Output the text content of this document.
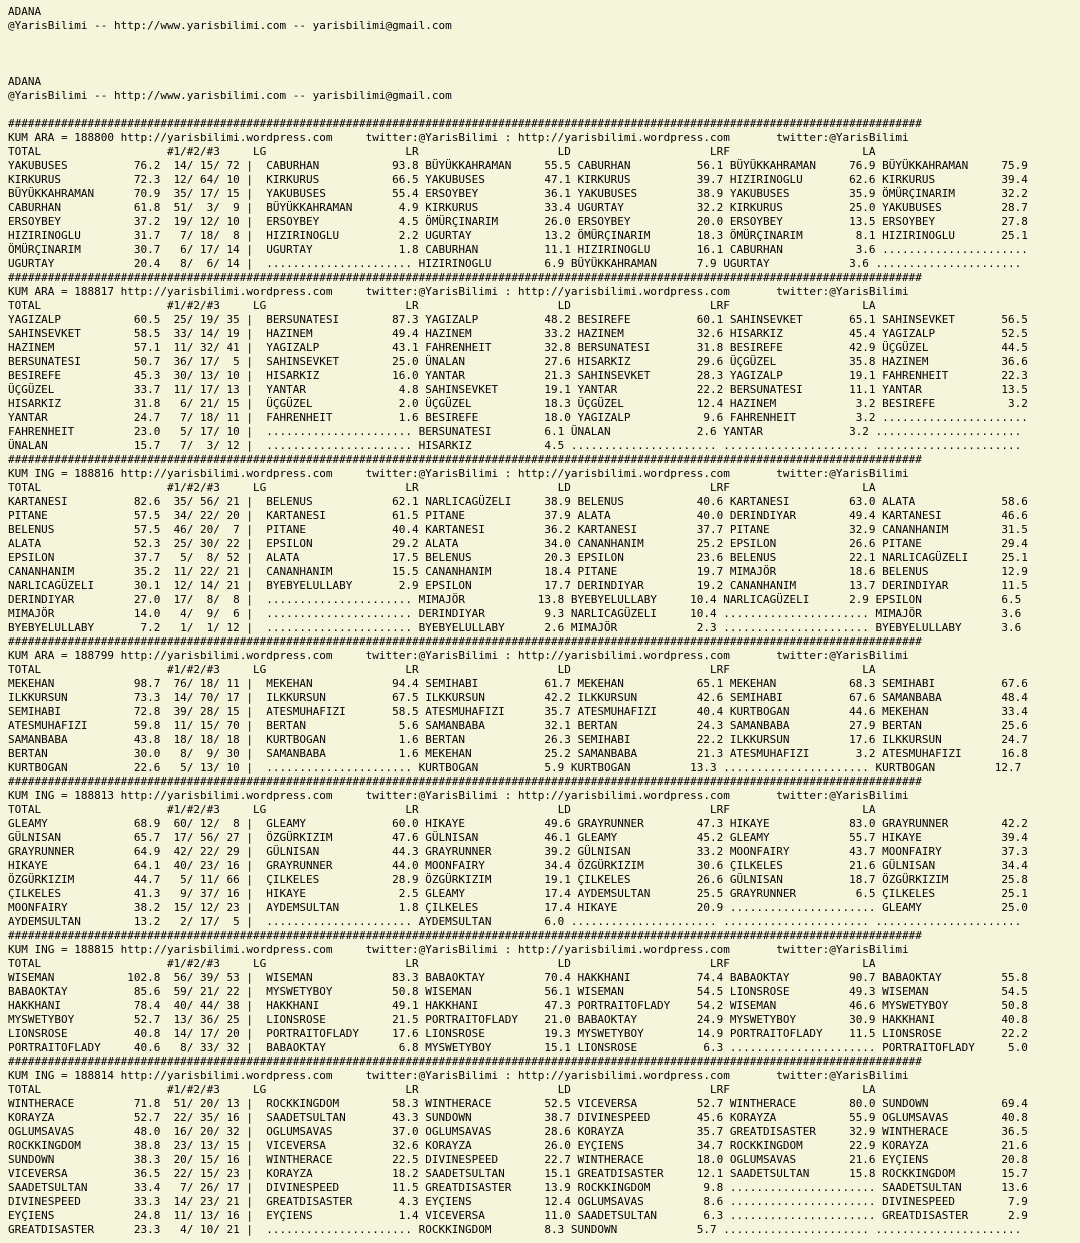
ADANA
@YarisBilimi -- http://www.yarisbilimi.com -- yarisbilimi@gmail.com
ADANA
@YarisBilimi -- http://www.yarisbilimi.com -- yarisbilimi@gmail.com
##########################################################################################################################################
KUM ARA = 188800 http://yarisbilimi.wordpress.com     twitter:@YarisBilimi : http://yarisbilimi.wordpress.com       twitter:@YarisBilimi
TOTAL                   #1/#2/#3     LG                     LR                     LD                     LRF                    LA
YAKUBUSES          76.2  14/ 15/ 72 |  CABURHAN           93.8 BÜYÜKKAHRAMAN     55.5 CABURHAN          56.1 BÜYÜKKAHRAMAN     76.9 BÜYÜKKAHRAMAN     75.9
KIRKURUS           72.3  12/ 64/ 10 |  KIRKURUS           66.5 YAKUBUSES         47.1 KIRKURUS          39.7 HIZIRINOGLU       62.6 KIRKURUS          39.4
BÜYÜKKAHRAMAN      70.9  35/ 17/ 15 |  YAKUBUSES          55.4 ERSOYBEY          36.1 YAKUBUSES         38.9 YAKUBUSES         35.9 ÖMÜRÇINARIM       32.2
CABURHAN           61.8  51/  3/  9 |  BÜYÜKKAHRAMAN       4.9 KIRKURUS          33.4 UGURTAY           32.2 KIRKURUS          25.0 YAKUBUSES         28.7
ERSOYBEY           37.2  19/ 12/ 10 |  ERSOYBEY            4.5 ÖMÜRÇINARIM       26.0 ERSOYBEY          20.0 ERSOYBEY          13.5 ERSOYBEY          27.8
HIZIRINOGLU        31.7   7/ 18/  8 |  HIZIRINOGLU         2.2 UGURTAY           13.2 ÖMÜRÇINARIM       18.3 ÖMÜRÇINARIM        8.1 HIZIRINOGLU       25.1
ÖMÜRÇINARIM        30.7   6/ 17/ 14 |  UGURTAY             1.8 CABURHAN          11.1 HIZIRINOGLU       16.1 CABURHAN           3.6 ......................
UGURTAY            20.4   8/  6/ 14 |  ...................... HIZIRINOGLU        6.9 BÜYÜKKAHRAMAN      7.9 UGURTAY            3.6 ......................
##########################################################################################################################################
KUM ARA = 188817 http://yarisbilimi.wordpress.com     twitter:@YarisBilimi : http://yarisbilimi.wordpress.com       twitter:@YarisBilimi
TOTAL                   #1/#2/#3     LG                     LR                     LD                     LRF                    LA
YAGIZALP           60.5  25/ 19/ 35 |  BERSUNATESI        87.3 YAGIZALP          48.2 BESIREFE          60.1 SAHINSEVKET       65.1 SAHINSEVKET       56.5
SAHINSEVKET        58.5  33/ 14/ 19 |  HAZINEM            49.4 HAZINEM           33.2 HAZINEM           32.6 HISARKIZ          45.4 YAGIZALP          52.5
HAZINEM            57.1  11/ 32/ 41 |  YAGIZALP           43.1 FAHRENHEIT        32.8 BERSUNATESI       31.8 BESIREFE          42.9 ÜÇGÜZEL           44.5
BERSUNATESI        50.7  36/ 17/  5 |  SAHINSEVKET        25.0 ÜNALAN            27.6 HISARKIZ          29.6 ÜÇGÜZEL           35.8 HAZINEM           36.6
BESIREFE           45.3  30/ 13/ 10 |  HISARKIZ           16.0 YANTAR            21.3 SAHINSEVKET       28.3 YAGIZALP          19.1 FAHRENHEIT        22.3
ÜÇGÜZEL            33.7  11/ 17/ 13 |  YANTAR              4.8 SAHINSEVKET       19.1 YANTAR            22.2 BERSUNATESI       11.1 YANTAR            13.5
HISARKIZ           31.8   6/ 21/ 15 |  ÜÇGÜZEL             2.0 ÜÇGÜZEL           18.3 ÜÇGÜZEL           12.4 HAZINEM            3.2 BESIREFE           3.2
YANTAR             24.7   7/ 18/ 11 |  FAHRENHEIT          1.6 BESIREFE          18.0 YAGIZALP           9.6 FAHRENHEIT         3.2 ......................
FAHRENHEIT         23.0   5/ 17/ 10 |  ...................... BERSUNATESI        6.1 ÜNALAN             2.6 YANTAR             3.2 ......................
ÜNALAN             15.7   7/  3/ 12 |  ...................... HISARKIZ           4.5 ...................... ...................... ......................
##########################################################################################################################################
KUM ING = 188816 http://yarisbilimi.wordpress.com     twitter:@YarisBilimi : http://yarisbilimi.wordpress.com       twitter:@YarisBilimi
TOTAL                   #1/#2/#3     LG                     LR                     LD                     LRF                    LA
KARTANESI          82.6  35/ 56/ 21 |  BELENUS            62.1 NARLICAGÜZELI     38.9 BELENUS           40.6 KARTANESI         63.0 ALATA             58.6
PITANE             57.5  34/ 22/ 20 |  KARTANESI          61.5 PITANE            37.9 ALATA             40.0 DERINDIYAR        49.4 KARTANESI         46.6
BELENUS            57.5  46/ 20/  7 |  PITANE             40.4 KARTANESI         36.2 KARTANESI         37.7 PITANE            32.9 CANANHANIM        31.5
ALATA              52.3  25/ 30/ 22 |  EPSILON            29.2 ALATA             34.0 CANANHANIM        25.2 EPSILON           26.6 PITANE            29.4
EPSILON            37.7   5/  8/ 52 |  ALATA              17.5 BELENUS           20.3 EPSILON           23.6 BELENUS           22.1 NARLICAGÜZELI     25.1
CANANHANIM         35.2  11/ 22/ 21 |  CANANHANIM         15.5 CANANHANIM        18.4 PITANE            19.7 MIMAJÖR           18.6 BELENUS           12.9
NARLICAGÜZELI      30.1  12/ 14/ 21 |  BYEBYELULLABY       2.9 EPSILON           17.7 DERINDIYAR        19.2 CANANHANIM        13.7 DERINDIYAR        11.5
DERINDIYAR         27.0  17/  8/  8 |  ...................... MIMAJÖR           13.8 BYEBYELULLABY     10.4 NARLICAGÜZELI      2.9 EPSILON            6.5
MIMAJÖR            14.0   4/  9/  6 |  ...................... DERINDIYAR         9.3 NARLICAGÜZELI     10.4 ...................... MIMAJÖR            3.6
BYEBYELULLABY       7.2   1/  1/ 12 |  ...................... BYEBYELULLABY      2.6 MIMAJÖR            2.3 ...................... BYEBYELULLABY      3.6
##########################################################################################################################################
KUM ARA = 188799 http://yarisbilimi.wordpress.com     twitter:@YarisBilimi : http://yarisbilimi.wordpress.com       twitter:@YarisBilimi
TOTAL                   #1/#2/#3     LG                     LR                     LD                     LRF                    LA
MEKEHAN            98.7  76/ 18/ 11 |  MEKEHAN            94.4 SEMIHABI          61.7 MEKEHAN           65.1 MEKEHAN           68.3 SEMIHABI          67.6
ILKKURSUN          73.3  14/ 70/ 17 |  ILKKURSUN          67.5 ILKKURSUN         42.2 ILKKURSUN         42.6 SEMIHABI          67.6 SAMANBABA         48.4
SEMIHABI           72.8  39/ 28/ 15 |  ATESMUHAFIZI       58.5 ATESMUHAFIZI      35.7 ATESMUHAFIZI      40.4 KURTBOGAN         44.6 MEKEHAN           33.4
ATESMUHAFIZI       59.8  11/ 15/ 70 |  BERTAN              5.6 SAMANBABA         32.1 BERTAN            24.3 SAMANBABA         27.9 BERTAN            25.6
SAMANBABA          43.8  18/ 18/ 18 |  KURTBOGAN           1.6 BERTAN            26.3 SEMIHABI          22.2 ILKKURSUN         17.6 ILKKURSUN         24.7
BERTAN             30.0   8/  9/ 30 |  SAMANBABA           1.6 MEKEHAN           25.2 SAMANBABA         21.3 ATESMUHAFIZI       3.2 ATESMUHAFIZI      16.8
KURTBOGAN          22.6   5/ 13/ 10 |  ...................... KURTBOGAN          5.9 KURTBOGAN         13.3 ...................... KURTBOGAN         12.7
##########################################################################################################################################
KUM ING = 188813 http://yarisbilimi.wordpress.com     twitter:@YarisBilimi : http://yarisbilimi.wordpress.com       twitter:@YarisBilimi
TOTAL                   #1/#2/#3     LG                     LR                     LD                     LRF                    LA
GLEAMY             68.9  60/ 12/  8 |  GLEAMY             60.0 HIKAYE            49.6 GRAYRUNNER        47.3 HIKAYE            83.0 GRAYRUNNER        42.2
GÜLNISAN           65.7  17/ 56/ 27 |  ÖZGÜRKIZIM         47.6 GÜLNISAN          46.1 GLEAMY            45.2 GLEAMY            55.7 HIKAYE            39.4
GRAYRUNNER         64.9  42/ 22/ 29 |  GÜLNISAN           44.3 GRAYRUNNER        39.2 GÜLNISAN          33.2 MOONFAIRY         43.7 MOONFAIRY         37.3
HIKAYE             64.1  40/ 23/ 16 |  GRAYRUNNER         44.0 MOONFAIRY         34.4 ÖZGÜRKIZIM        30.6 ÇILKELES          21.6 GÜLNISAN          34.4
ÖZGÜRKIZIM         44.7   5/ 11/ 66 |  ÇILKELES           28.9 ÖZGÜRKIZIM        19.1 ÇILKELES          26.6 GÜLNISAN          18.7 ÖZGÜRKIZIM        25.8
ÇILKELES           41.3   9/ 37/ 16 |  HIKAYE              2.5 GLEAMY            17.4 AYDEMSULTAN       25.5 GRAYRUNNER         6.5 ÇILKELES          25.1
MOONFAIRY          38.2  15/ 12/ 23 |  AYDEMSULTAN         1.8 ÇILKELES          17.4 HIKAYE            20.9 ...................... GLEAMY            25.0
AYDEMSULTAN        13.2   2/ 17/  5 |  ...................... AYDEMSULTAN        6.0 ...................... ...................... ......................
##########################################################################################################################################
KUM ING = 188815 http://yarisbilimi.wordpress.com     twitter:@YarisBilimi : http://yarisbilimi.wordpress.com       twitter:@YarisBilimi
TOTAL                   #1/#2/#3     LG                     LR                     LD                     LRF                    LA
WISEMAN           102.8  56/ 39/ 53 |  WISEMAN            83.3 BABAOKTAY         70.4 HAKKHANI          74.4 BABAOKTAY         90.7 BABAOKTAY         55.8
BABAOKTAY          85.6  59/ 21/ 22 |  MYSWETYBOY         50.8 WISEMAN           56.1 WISEMAN           54.5 LIONSROSE         49.3 WISEMAN           54.5
HAKKHANI           78.4  40/ 44/ 38 |  HAKKHANI           49.1 HAKKHANI          47.3 PORTRAITOFLADY    54.2 WISEMAN           46.6 MYSWETYBOY        50.8
MYSWETYBOY         52.7  13/ 36/ 25 |  LIONSROSE          21.5 PORTRAITOFLADY    21.0 BABAOKTAY         24.9 MYSWETYBOY        30.9 HAKKHANI          40.8
LIONSROSE          40.8  14/ 17/ 20 |  PORTRAITOFLADY     17.6 LIONSROSE         19.3 MYSWETYBOY        14.9 PORTRAITOFLADY    11.5 LIONSROSE         22.2
PORTRAITOFLADY     40.6   8/ 33/ 32 |  BABAOKTAY           6.8 MYSWETYBOY        15.1 LIONSROSE          6.3 ...................... PORTRAITOFLADY     5.0
##########################################################################################################################################
KUM ING = 188814 http://yarisbilimi.wordpress.com     twitter:@YarisBilimi : http://yarisbilimi.wordpress.com       twitter:@YarisBilimi
TOTAL                   #1/#2/#3     LG                     LR                     LD                     LRF                    LA
WINTHERACE         71.8  51/ 20/ 13 |  ROCKKINGDOM        58.3 WINTHERACE        52.5 VICEVERSA         52.7 WINTHERACE        80.0 SUNDOWN           69.4
KORAYZA            52.7  22/ 35/ 16 |  SAADETSULTAN       43.3 SUNDOWN           38.7 DIVINESPEED       45.6 KORAYZA           55.9 OGLUMSAVAS        40.8
OGLUMSAVAS         48.0  16/ 20/ 32 |  OGLUMSAVAS         37.0 OGLUMSAVAS        28.6 KORAYZA           35.7 GREATDISASTER     32.9 WINTHERACE        36.5
ROCKKINGDOM        38.8  23/ 13/ 15 |  VICEVERSA          32.6 KORAYZA           26.0 EYÇIENS           34.7 ROCKKINGDOM       22.9 KORAYZA           21.6
SUNDOWN            38.3  20/ 15/ 16 |  WINTHERACE         22.5 DIVINESPEED       22.7 WINTHERACE        18.0 OGLUMSAVAS        21.6 EYÇIENS           20.8
VICEVERSA          36.5  22/ 15/ 23 |  KORAYZA            18.2 SAADETSULTAN      15.1 GREATDISASTER     12.1 SAADETSULTAN      15.8 ROCKKINGDOM       15.7
SAADETSULTAN       33.4   7/ 26/ 17 |  DIVINESPEED        11.5 GREATDISASTER     13.9 ROCKKINGDOM        9.8 ...................... SAADETSULTAN      13.6
DIVINESPEED        33.3  14/ 23/ 21 |  GREATDISASTER       4.3 EYÇIENS           12.4 OGLUMSAVAS         8.6 ...................... DIVINESPEED        7.9
EYÇIENS            24.8  11/ 13/ 16 |  EYÇIENS             1.4 VICEVERSA         11.0 SAADETSULTAN       6.3 ...................... GREATDISASTER      2.9
GREATDISASTER      23.3   4/ 10/ 21 |  ...................... ROCKKINGDOM        8.3 SUNDOWN            5.7 ...................... ......................
